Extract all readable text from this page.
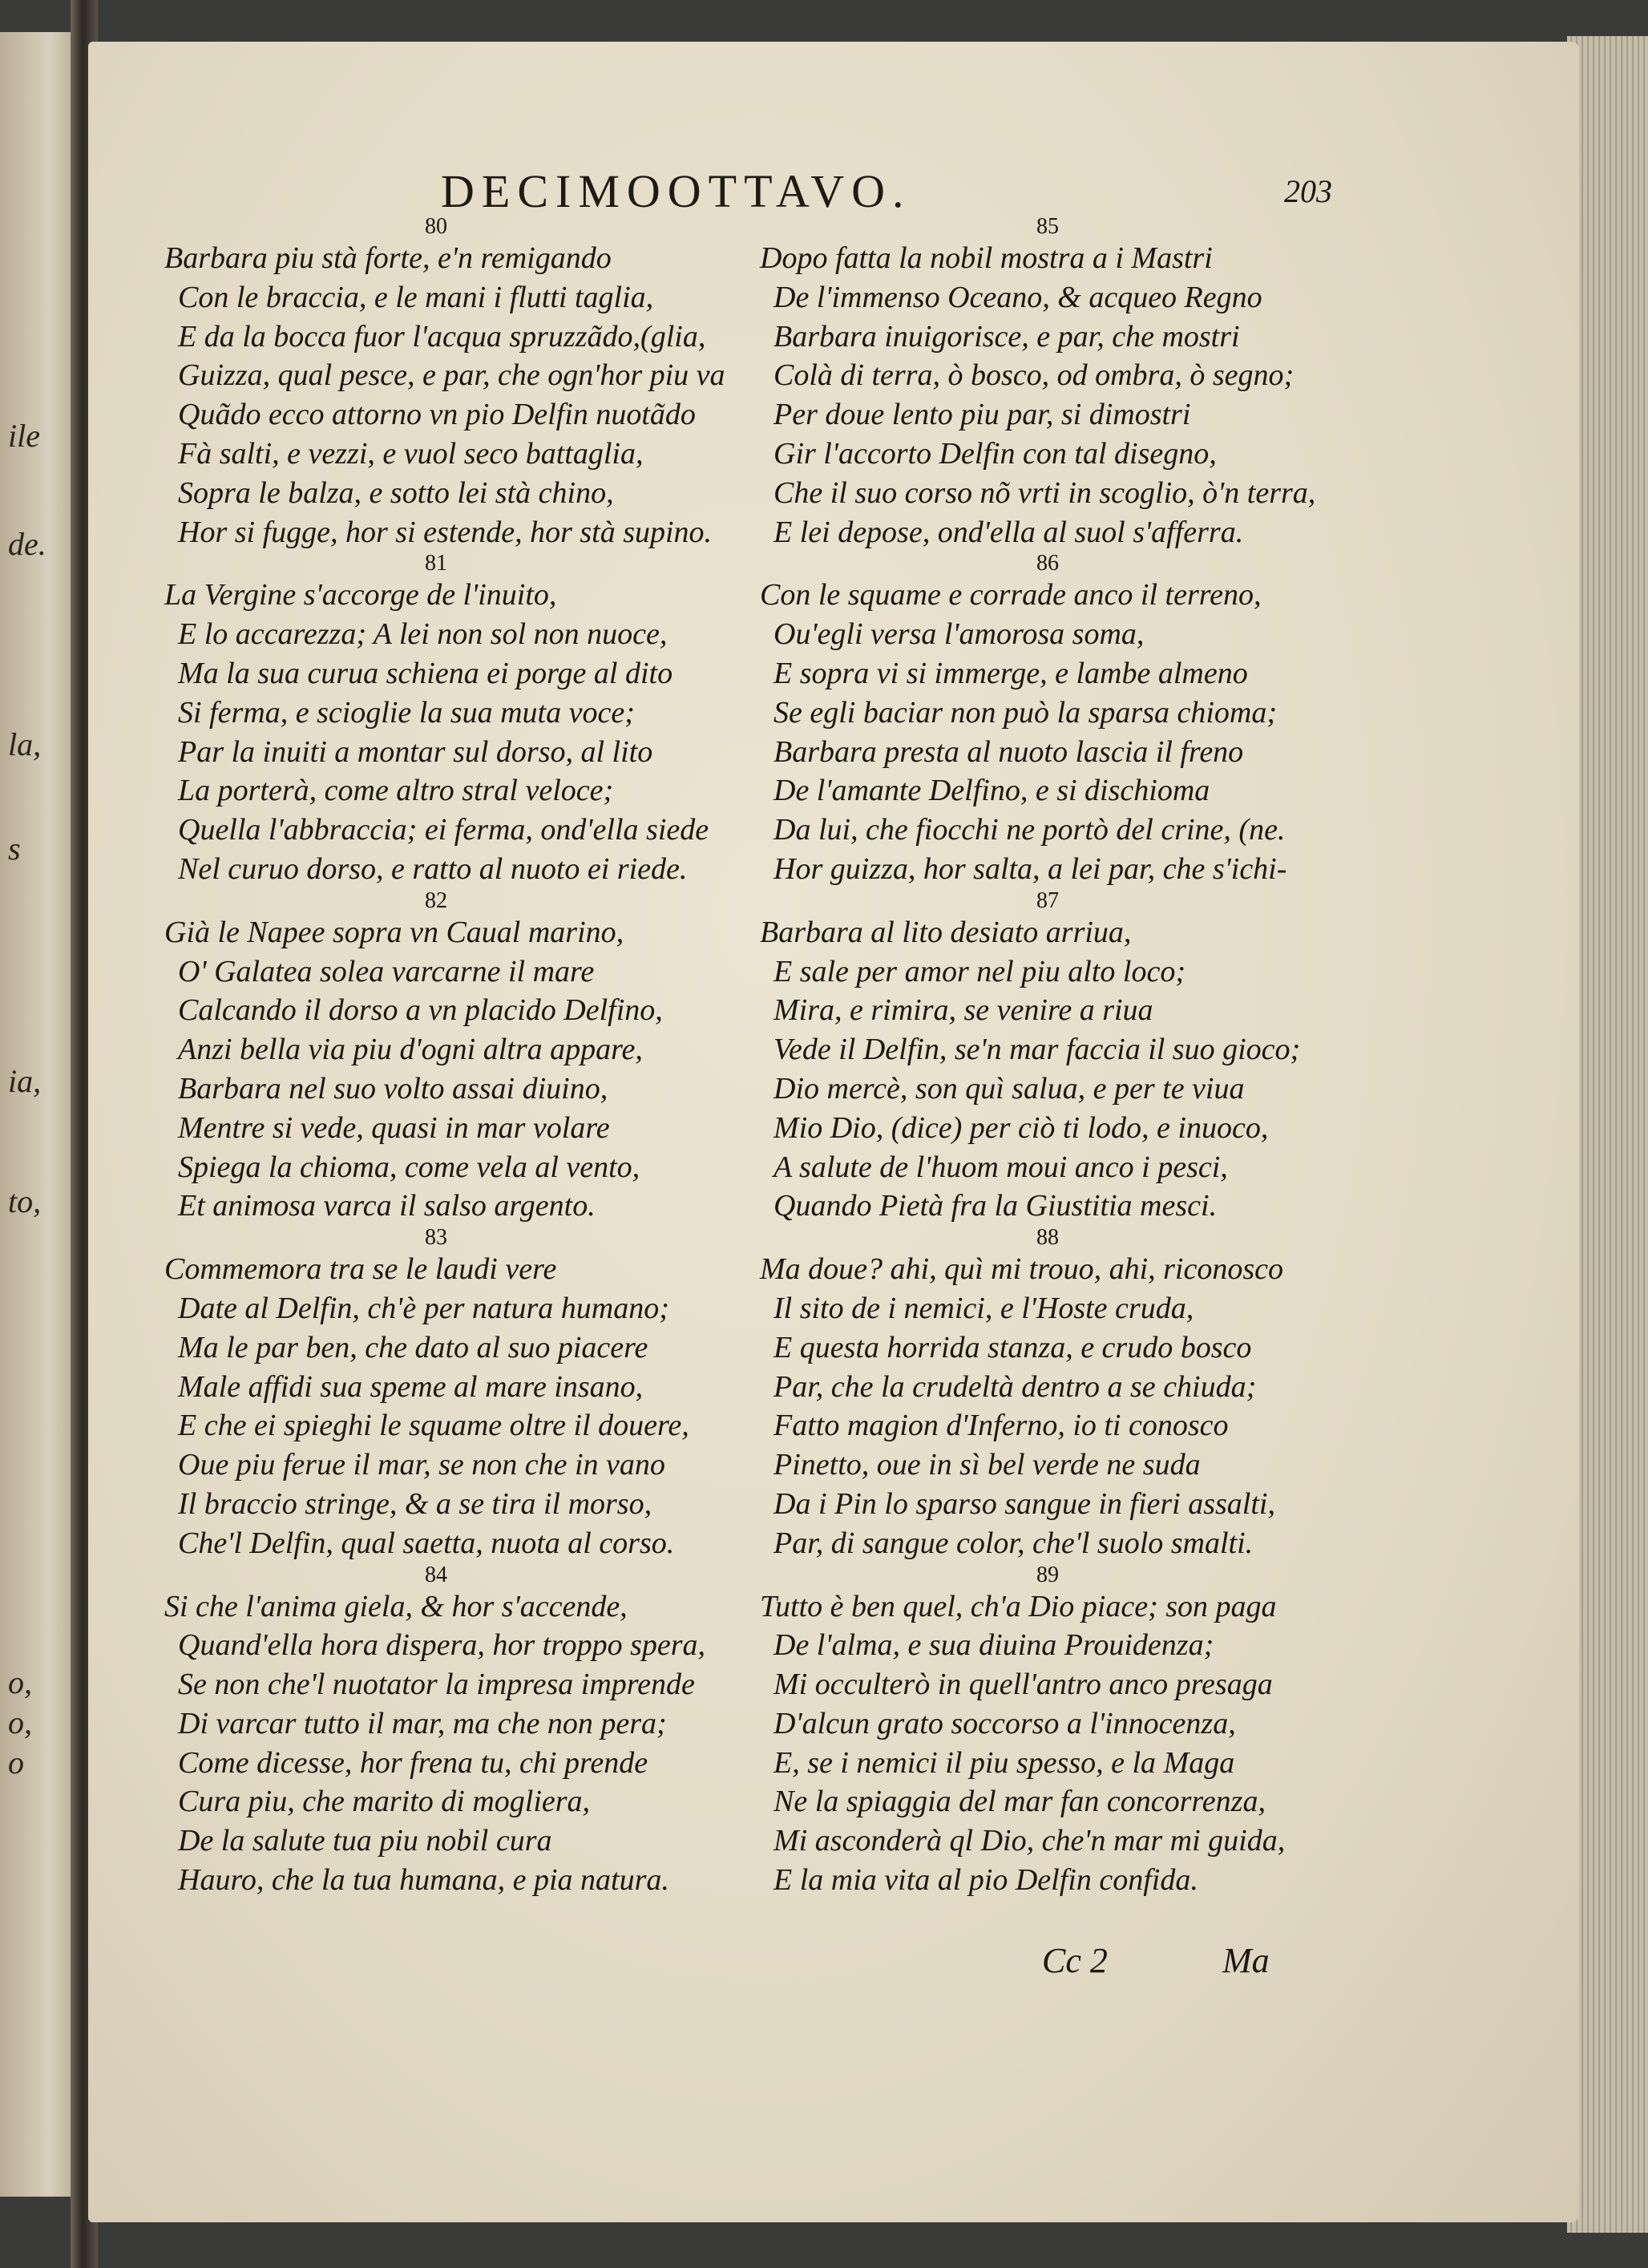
ile
de.
la,
s
ia,
to,
o,
o,
o
DECIMOOTTAVO.	203
80
Barbara piu stà forte, e'n remigando
Con le braccia, e le mani i flutti taglia,
E da la bocca fuor l'acqua spruzzãdo,(glia,
Guizza, qual pesce, e par, che ogn'hor piu va
Quãdo ecco attorno vn pio Delfin nuotãdo
Fà salti, e vezzi, e vuol seco battaglia,
Sopra le balza, e sotto lei stà chino,
Hor si fugge, hor si estende, hor stà supino.
81
La Vergine s'accorge de l'inuito,
E lo accarezza; A lei non sol non nuoce,
Ma la sua curua schiena ei porge al dito
Si ferma, e scioglie la sua muta voce;
Par la inuiti a montar sul dorso, al lito
La porterà, come altro stral veloce;
Quella l'abbraccia; ei ferma, ond'ella siede
Nel curuo dorso, e ratto al nuoto ei riede.
82
Già le Napee sopra vn Caual marino,
O' Galatea solea varcarne il mare
Calcando il dorso a vn placido Delfino,
Anzi bella via piu d'ogni altra appare,
Barbara nel suo volto assai diuino,
Mentre si vede, quasi in mar volare
Spiega la chioma, come vela al vento,
Et animosa varca il salso argento.
83
Commemora tra se le laudi vere
Date al Delfin, ch'è per natura humano;
Ma le par ben, che dato al suo piacere
Male affidi sua speme al mare insano,
E che ei spieghi le squame oltre il douere,
Oue piu ferue il mar, se non che in vano
Il braccio stringe, & a se tira il morso,
Che'l Delfin, qual saetta, nuota al corso.
84
Si che l'anima giela, & hor s'accende,
Quand'ella hora dispera, hor troppo spera,
Se non che'l nuotator la impresa imprende
Di varcar tutto il mar, ma che non pera;
Come dicesse, hor frena tu, chi prende
Cura piu, che marito di mogliera,
De la salute tua piu nobil cura
Hauro, che la tua humana, e pia natura.
85
Dopo fatta la nobil mostra a i Mastri
De l'immenso Oceano, & acqueo Regno
Barbara inuigorisce, e par, che mostri
Colà di terra, ò bosco, od ombra, ò segno;
Per doue lento piu par, si dimostri
Gir l'accorto Delfin con tal disegno,
Che il suo corso nõ vrti in scoglio, ò'n terra,
E lei depose, ond'ella al suol s'afferra.
86
Con le squame e corrade anco il terreno,
Ou'egli versa l'amorosa soma,
E sopra vi si immerge, e lambe almeno
Se egli baciar non può la sparsa chioma;
Barbara presta al nuoto lascia il freno
De l'amante Delfino, e si dischioma
Da lui, che fiocchi ne portò del crine, (ne.
Hor guizza, hor salta, a lei par, che s'ichi-
87
Barbara al lito desiato arriua,
E sale per amor nel piu alto loco;
Mira, e rimira, se venire a riua
Vede il Delfin, se'n mar faccia il suo gioco;
Dio mercè, son quì salua, e per te viua
Mio Dio, (dice) per ciò ti lodo, e inuoco,
A salute de l'huom moui anco i pesci,
Quando Pietà fra la Giustitia mesci.
88
Ma doue? ahi, quì mi trouo, ahi, riconosco
Il sito de i nemici, e l'Hoste cruda,
E questa horrida stanza, e crudo bosco
Par, che la crudeltà dentro a se chiuda;
Fatto magion d'Inferno, io ti conosco
Pinetto, oue in sì bel verde ne suda
Da i Pin lo sparso sangue in fieri assalti,
Par, di sangue color, che'l suolo smalti.
89
Tutto è ben quel, ch'a Dio piace; son paga
De l'alma, e sua diuina Prouidenza;
Mi occulterò in quell'antro anco presaga
D'alcun grato soccorso a l'innocenza,
E, se i nemici il piu spesso, e la Maga
Ne la spiaggia del mar fan concorrenza,
Mi asconderà ql Dio, che'n mar mi guida,
E la mia vita al pio Delfin confida.
Cc 2	Ma
